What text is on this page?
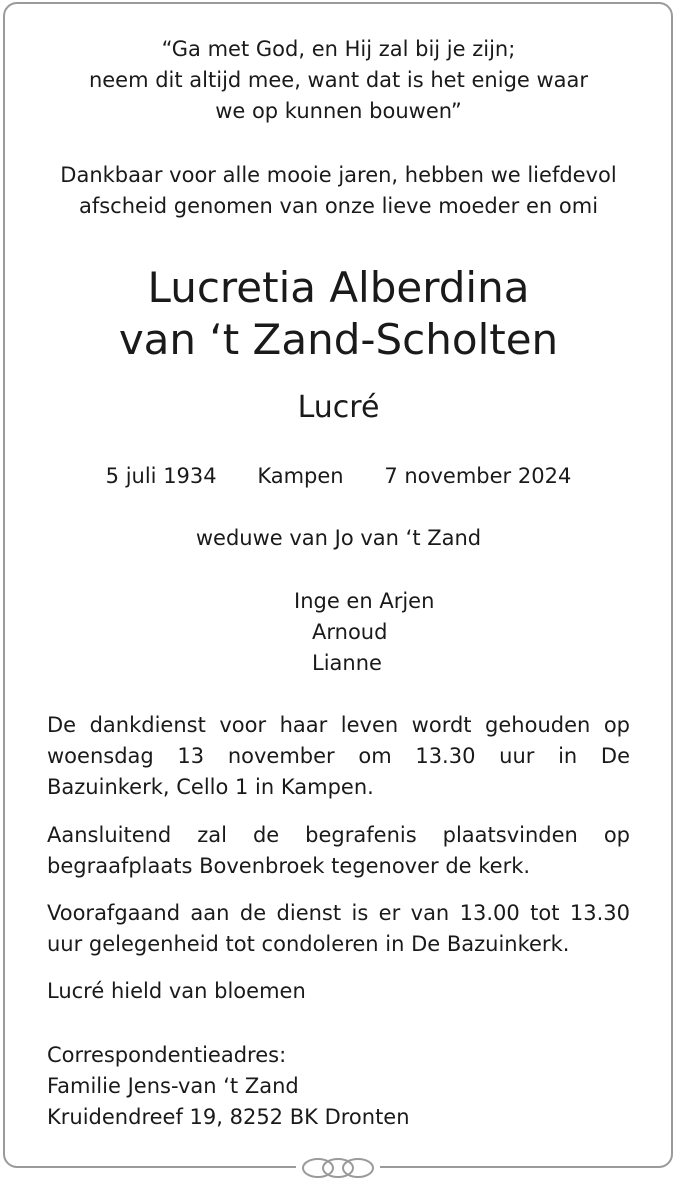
“Ga met God, en Hij zal bij je zijn;
neem dit altijd mee, want dat is het enige waar
we op kunnen bouwen”
Dankbaar voor alle mooie jaren, hebben we liefdevol
afscheid genomen van onze lieve moeder en omi
Lucretia Alberdina
van ‘t Zand-Scholten
Lucré
5 juli 1934 Kampen 7 november 2024
weduwe van Jo van ‘t Zand
Inge en Arjen
Arnoud
Lianne

De dankdienst voor haar leven wordt gehouden op woensdag 13 november om 13.30 uur in De Bazuinkerk, Cello 1 in Kampen.

Aansluitend zal de begrafenis plaatsvinden op begraafplaats Bovenbroek tegenover de kerk.

Voorafgaand aan de dienst is er van 13.00 tot 13.30 uur gelegenheid tot condoleren in De Bazuinkerk.

Lucré hield van bloemen

Correspondentieadres:
Familie Jens-van ‘t Zand
Kruidendreef 19, 8252 BK Dronten
